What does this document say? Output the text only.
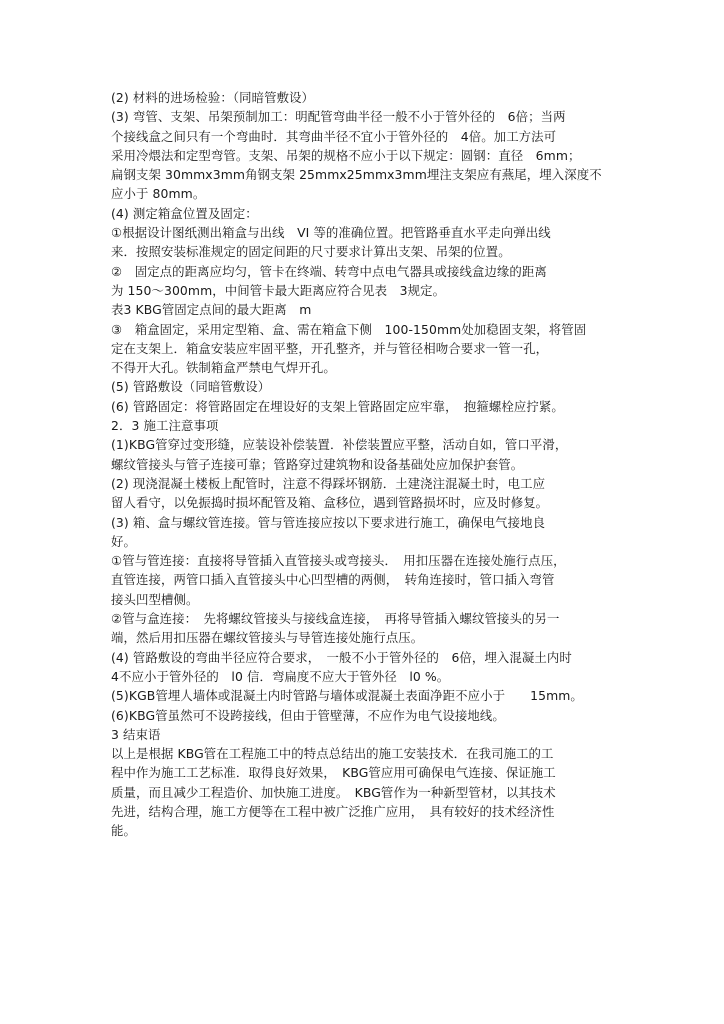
(2) 材料的进场检验：（同暗管敷设）
(3) 弯管、支架、吊架预制加工：明配管弯曲半径一般不小于管外径的　6倍；当两
个接线盒之间只有一个弯曲时．其弯曲半径不宜小于管外径的　4倍。加工方法可
采用冷煨法和定型弯管。支架、吊架的规格不应小于以下规定：圆钢：直径　6mm；
扁钢支架 30mmx3mm角钢支架 25mmx25mmx3mm埋注支架应有燕尾，埋入深度不
应小于 80mm。
(4) 测定箱盒位置及固定：
①根据设计图纸测出箱盒与出线　VI 等的准确位置。把管路垂直水平走向弹出线
来．按照安装标准规定的固定间距的尺寸要求计算出支架、吊架的位置。
②　固定点的距离应均匀，管卡在终端、转弯中点电气器具或接线盒边缘的距离
为 150～300mm，中间管卡最大距离应符合见表　3规定。
表3 KBG管固定点间的最大距离　m
③　箱盒固定，采用定型箱、盒、需在箱盒下侧　100-150mm处加稳固支架，将管固
定在支架上．箱盒安装应牢固平整，开孔整齐，并与管径相吻合要求一管一孔，
不得开大孔。铁制箱盒严禁电气焊开孔。
(5) 管路敷设（同暗管敷设）
(6) 管路固定：将管路固定在埋设好的支架上管路固定应牢靠，　抱箍螺栓应拧紧。
2．3 施工注意事项
(1)KBG管穿过变形缝，应装设补偿装置．补偿装置应平整，活动自如，管口平滑，
螺纹管接头与管子连接可靠；管路穿过建筑物和设备基础处应加保护套管。
(2) 现浇混凝土楼板上配管时，注意不得踩坏钢筋．土建浇注混凝土时，电工应
留人看守，以免振捣时损坏配管及箱、盒移位，遇到管路损坏时，应及时修复。
(3) 箱、盒与螺纹管连接。管与管连接应按以下要求进行施工，确保电气接地良
好。
①管与管连接：直接将导管插入直管接头或弯接头．　用扣压器在连接处施行点压，
直管连接，两管口插入直管接头中心凹型槽的两侧，　转角连接时，管口插入弯管
接头凹型槽侧。
②管与盒连接：　先将螺纹管接头与接线盒连接，　再将导管插入螺纹管接头的另一
端，然后用扣压器在螺纹管接头与导管连接处施行点压。
(4) 管路敷设的弯曲半径应符合要求，　一般不小于管外径的　6倍，埋入混凝土内时
4不应小于管外径的　l0 信．弯扁度不应大于管外径　l0 %。
(5)KGB管埋人墙体或混凝土内时管路与墙体或混凝土表面净距不应小于　　15mm。
(6)KBG管虽然可不设跨接线，但由于管壁薄，不应作为电气设接地线。
3 结束语
以上是根据 KBG管在工程施工中的特点总结出的施工安装技术．在我司施工的工
程中作为施工工艺标准．取得良好效果，　KBG管应用可确保电气连接、保证施工
质量，而且减少工程造价、加快施工进度。　KBG管作为一种新型管材，以其技术
先进，结构合理，施工方便等在工程中被广泛推广应用，　具有较好的技术经济性
能。
